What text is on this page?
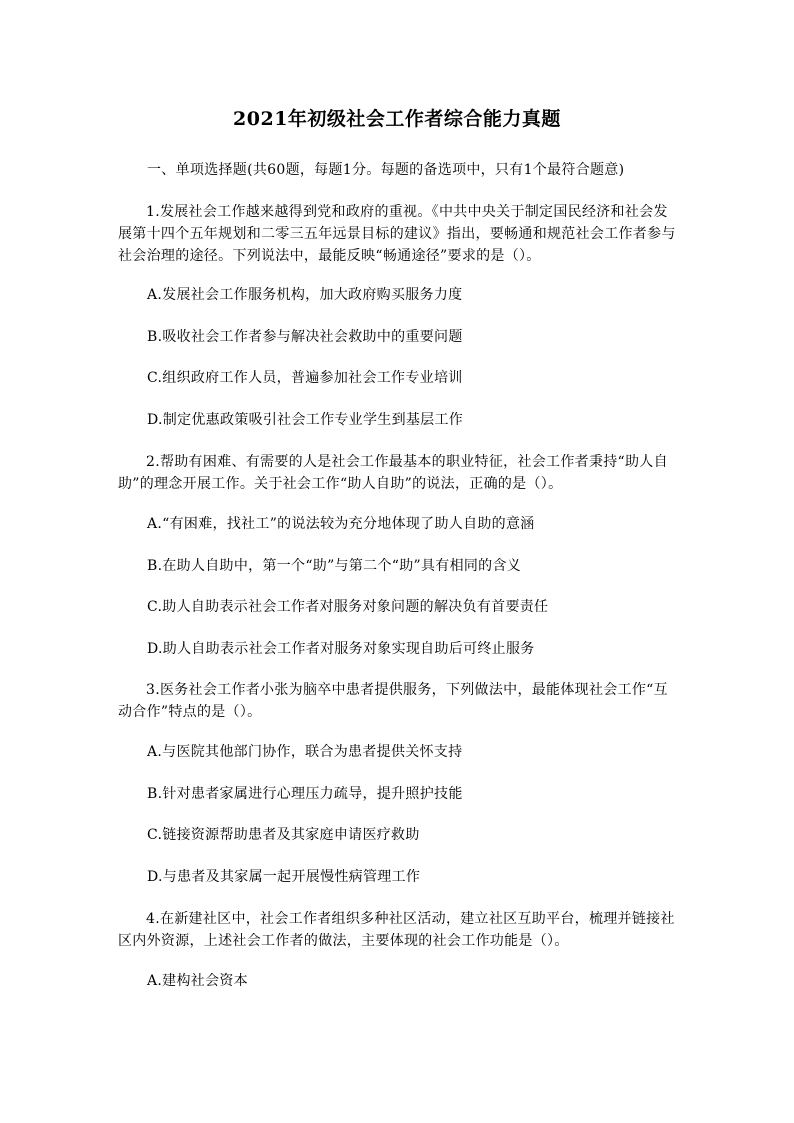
2021年初级社会工作者综合能力真题
一、单项选择题(共60题，每题1分。每题的备选项中，只有1个最符合题意)
1.发展社会工作越来越得到党和政府的重视。《中共中央关于制定国民经济和社会发展第十四个五年规划和二零三五年远景目标的建议》指出，要畅通和规范社会工作者参与社会治理的途径。下列说法中，最能反映“畅通途径”要求的是（）。
A.发展社会工作服务机构，加大政府购买服务力度
B.吸收社会工作者参与解决社会救助中的重要问题
C.组织政府工作人员，普遍参加社会工作专业培训
D.制定优惠政策吸引社会工作专业学生到基层工作
2.帮助有困难、有需要的人是社会工作最基本的职业特征，社会工作者秉持“助人自助”的理念开展工作。关于社会工作“助人自助”的说法，正确的是（）。
A.“有困难，找社工”的说法较为充分地体现了助人自助的意涵
B.在助人自助中，第一个“助”与第二个“助”具有相同的含义
C.助人自助表示社会工作者对服务对象问题的解决负有首要责任
D.助人自助表示社会工作者对服务对象实现自助后可终止服务
3.医务社会工作者小张为脑卒中患者提供服务，下列做法中，最能体现社会工作“互动合作”特点的是（）。
A.与医院其他部门协作，联合为患者提供关怀支持
B.针对患者家属进行心理压力疏导，提升照护技能
C.链接资源帮助患者及其家庭申请医疗救助
D.与患者及其家属一起开展慢性病管理工作
4.在新建社区中，社会工作者组织多种社区活动，建立社区互助平台，梳理并链接社区内外资源，上述社会工作者的做法，主要体现的社会工作功能是（）。
A.建构社会资本
